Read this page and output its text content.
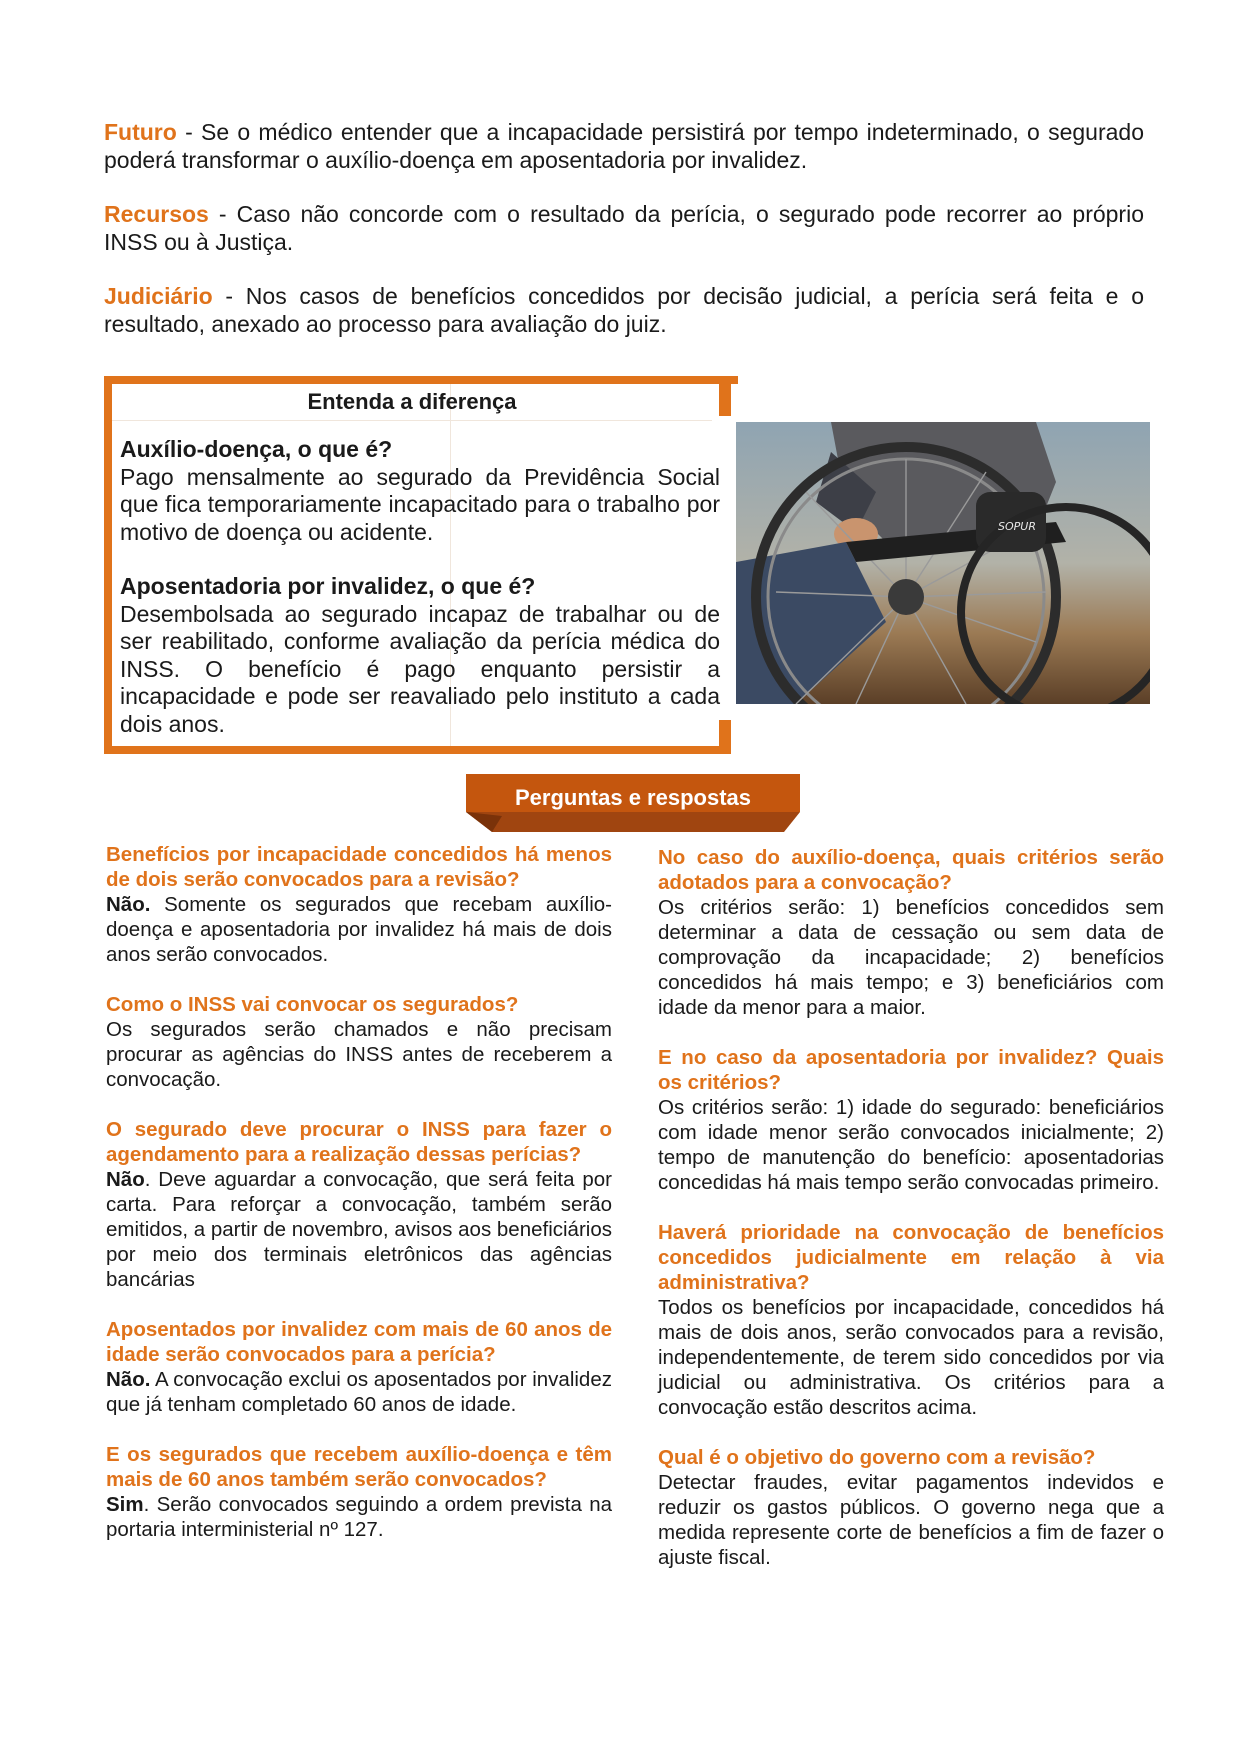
Futuro - Se o médico entender que a incapacidade persistirá por tempo indeterminado, o segurado poderá transformar o auxílio-doença em aposentadoria por invalidez.

Recursos - Caso não concorde com o resultado da perícia, o segurado pode recorrer ao próprio INSS ou à Justiça.

Judiciário - Nos casos de benefícios concedidos por decisão judicial, a perícia será feita e o resultado, anexado ao processo para avaliação do juiz.

Entenda a diferença
Auxílio-doença, o que é?

Pago mensalmente ao segurado da Previdência Social que fica temporariamente incapacitado para o trabalho por motivo de doença ou acidente.

Aposentadoria por invalidez, o que é?

Desembolsada ao segurado incapaz de trabalhar ou de ser reabilitado, conforme avaliação da perícia médica do INSS. O benefício é pago enquanto persistir a incapacidade e pode ser reavaliado pelo instituto a cada dois anos.

SOPUR
Perguntas e respostas
Benefícios por incapacidade concedidos há menos de dois serão convocados para a revisão?
Não. Somente os segurados que recebam auxílio-doença e aposentadoria por invalidez há mais de dois anos serão convocados.
Como o INSS vai convocar os segurados?
Os segurados serão chamados e não precisam procurar as agências do INSS antes de receberem a convocação.
O segurado deve procurar o INSS para fazer o agendamento para a realização dessas perícias?
Não. Deve aguardar a convocação, que será feita por carta. Para reforçar a convocação, também serão emitidos, a partir de novembro, avisos aos beneficiários por meio dos terminais eletrônicos das agências bancárias
Aposentados por invalidez com mais de 60 anos de idade serão convocados para a perícia?
Não. A convocação exclui os aposentados por invalidez que já tenham completado 60 anos de idade.
E os segurados que recebem auxílio-doença e têm mais de 60 anos também serão convocados?
Sim. Serão convocados seguindo a ordem prevista na portaria interministerial nº 127.
No caso do auxílio-doença, quais critérios serão adotados para a convocação?
Os critérios serão: 1) benefícios concedidos sem determinar a data de cessação ou sem data de comprovação da incapacidade; 2) benefícios concedidos há mais tempo; e 3) beneficiários com idade da menor para a maior.
E no caso da aposentadoria por invalidez? Quais os critérios?
Os critérios serão: 1) idade do segurado: beneficiários com idade menor serão convocados inicialmente; 2) tempo de manutenção do benefício: aposentadorias concedidas há mais tempo serão convocadas primeiro.
Haverá prioridade na convocação de benefícios concedidos judicialmente em relação à via administrativa?
Todos os benefícios por incapacidade, concedidos há mais de dois anos, serão convocados para a revisão, independentemente, de terem sido concedidos por via judicial ou administrativa. Os critérios para a convocação estão descritos acima.
Qual é o objetivo do governo com a revisão?
Detectar fraudes, evitar pagamentos indevidos e reduzir os gastos públicos. O governo nega que a medida represente corte de benefícios a fim de fazer o ajuste fiscal.
